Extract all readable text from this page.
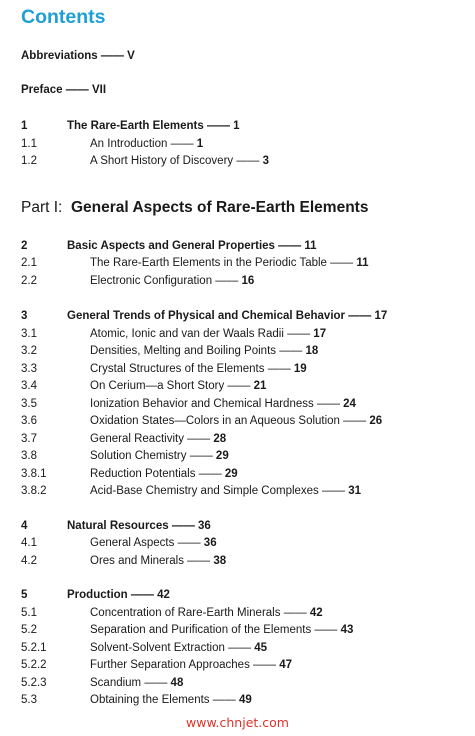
Contents
Abbreviations —— V
Preface —— VII
Part I: General Aspects of Rare-Earth Elements
1	The Rare-Earth Elements —— 1
1.1	An Introduction —— 1
1.2	A Short History of Discovery —— 3
2	Basic Aspects and General Properties —— 11
2.1	The Rare-Earth Elements in the Periodic Table —— 11
2.2	Electronic Configuration —— 16
3	General Trends of Physical and Chemical Behavior —— 17
3.1	Atomic, Ionic and van der Waals Radii —— 17
3.2	Densities, Melting and Boiling Points —— 18
3.3	Crystal Structures of the Elements —— 19
3.4	On Cerium—a Short Story —— 21
3.5	Ionization Behavior and Chemical Hardness —— 24
3.6	Oxidation States—Colors in an Aqueous Solution —— 26
3.7	General Reactivity —— 28
3.8	Solution Chemistry —— 29
3.8.1	Reduction Potentials —— 29
3.8.2	Acid-Base Chemistry and Simple Complexes —— 31
4	Natural Resources —— 36
4.1	General Aspects —— 36
4.2	Ores and Minerals —— 38
5	Production —— 42
5.1	Concentration of Rare-Earth Minerals —— 42
5.2	Separation and Purification of the Elements —— 43
5.2.1	Solvent-Solvent Extraction —— 45
5.2.2	Further Separation Approaches —— 47
5.2.3	Scandium —— 48
5.3	Obtaining the Elements —— 49
www.chnjet.com
